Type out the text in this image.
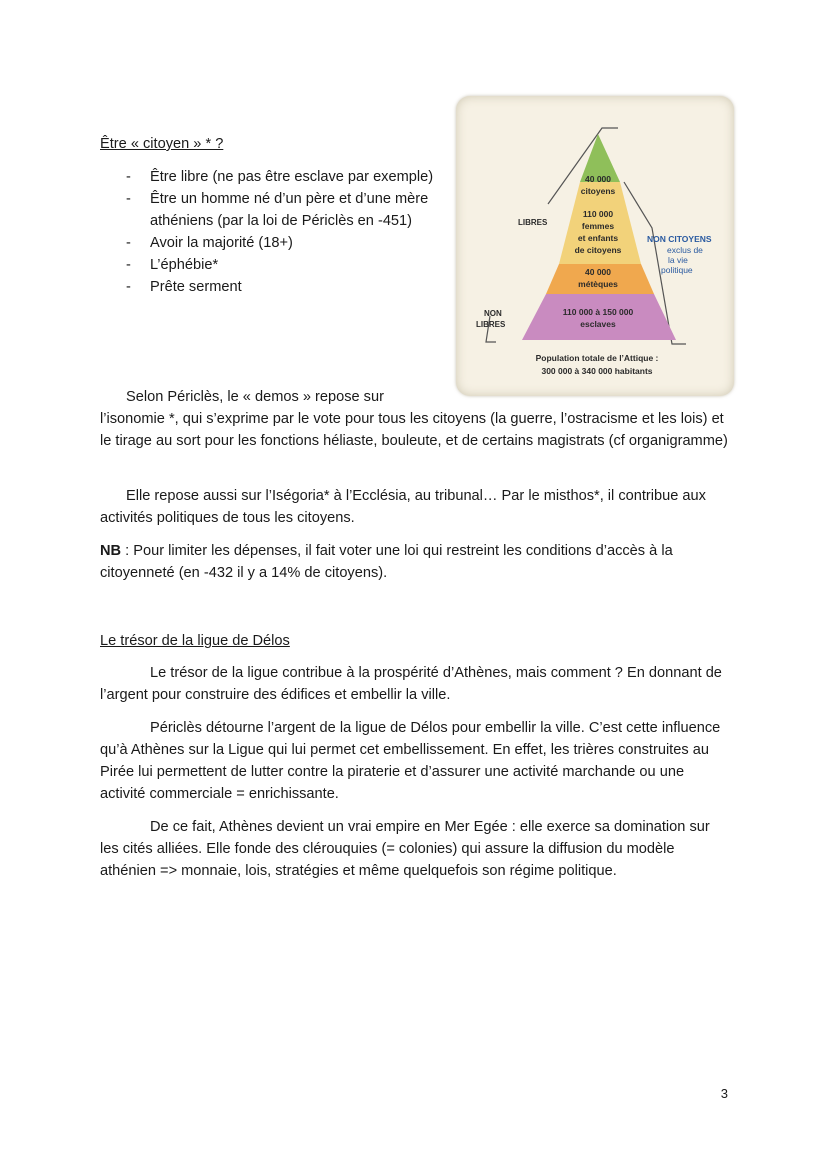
Être « citoyen » * ?
- Être libre (ne pas être esclave par exemple)
- Être un homme né d’un père et d’une mère athéniens (par la loi de Périclès en -451)
- Avoir la majorité (18+)
- L’éphébie*
- Prête serment
40 000
citoyens
110 000
femmes
et enfants
de citoyens
40 000
métèques
110 000 à 150 000
esclaves
LIBRES
NON
LIBRES
NON CITOYENS
exclus de
la vie
politique
Population totale de l’Attique :
300 000 à 340 000 habitants
Selon Périclès, le « demos » repose sur

l’isonomie *, qui s’exprime par le vote pour tous les citoyens (la guerre, l’ostracisme et les lois) et le tirage au sort pour les fonctions héliaste, bouleute, et de certains magistrats (cf organigramme)

Elle repose aussi sur l’Iségoria* à l’Ecclésia, au tribunal… Par le misthos*, il contribue aux activités politiques de tous les citoyens.

NB : Pour limiter les dépenses, il fait voter une loi qui restreint les conditions d’accès à la citoyenneté (en -432 il y a 14% de citoyens).

Le trésor de la ligue de Délos

Le trésor de la ligue contribue à la prospérité d’Athènes, mais comment ? En donnant de l’argent pour construire des édifices et embellir la ville.

Périclès détourne l’argent de la ligue de Délos pour embellir la ville. C’est cette influence qu’à Athènes sur la Ligue qui lui permet cet embellissement. En effet, les trières construites au Pirée lui permettent de lutter contre la piraterie et d’assurer une activité marchande ou une activité commerciale = enrichissante.

De ce fait, Athènes devient un vrai empire en Mer Egée : elle exerce sa domination sur les cités alliées. Elle fonde des clérouquies (= colonies) qui assure la diffusion du modèle athénien => monnaie, lois, stratégies et même quelquefois son régime politique.

3
